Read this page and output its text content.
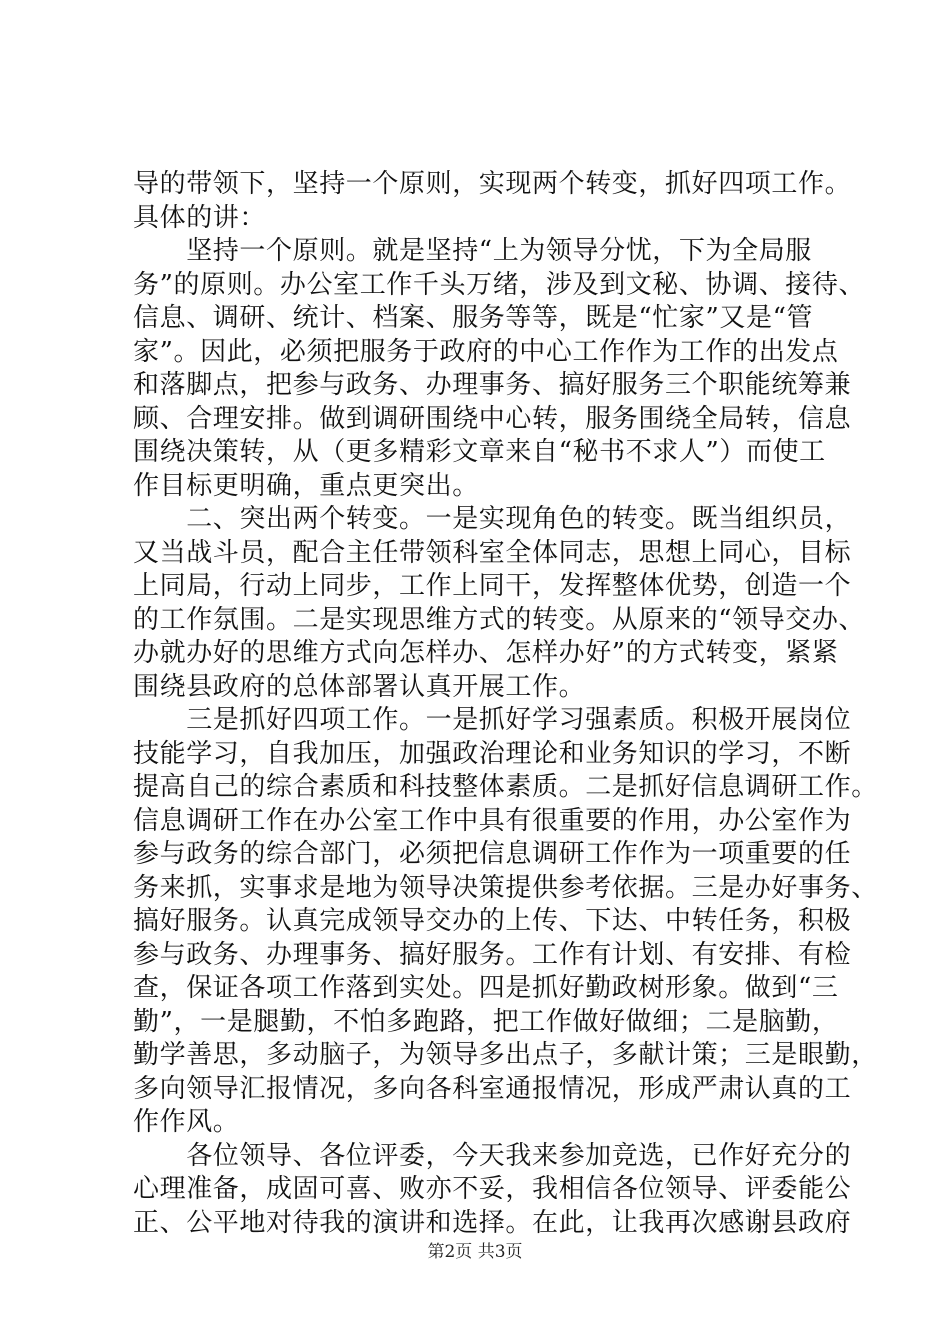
导的带领下，坚持一个原则，实现两个转变，抓好四项工作。
具体的讲：
　　坚持一个原则。就是坚持“上为领导分忧，下为全局服
务”的原则。办公室工作千头万绪，涉及到文秘、协调、接待、
信息、调研、统计、档案、服务等等，既是“忙家”又是“管
家”。因此，必须把服务于政府的中心工作作为工作的出发点
和落脚点，把参与政务、办理事务、搞好服务三个职能统筹兼
顾、合理安排。做到调研围绕中心转，服务围绕全局转，信息
围绕决策转，从（更多精彩文章来自“秘书不求人”）而使工
作目标更明确，重点更突出。
　　二、突出两个转变。一是实现角色的转变。既当组织员，
又当战斗员，配合主任带领科室全体同志，思想上同心，目标
上同局，行动上同步，工作上同干，发挥整体优势，创造一个
的工作氛围。二是实现思维方式的转变。从原来的“领导交办、
办就办好的思维方式向怎样办、怎样办好”的方式转变，紧紧
围绕县政府的总体部署认真开展工作。
　　三是抓好四项工作。一是抓好学习强素质。积极开展岗位
技能学习，自我加压，加强政治理论和业务知识的学习，不断
提高自己的综合素质和科技整体素质。二是抓好信息调研工作。
信息调研工作在办公室工作中具有很重要的作用，办公室作为
参与政务的综合部门，必须把信息调研工作作为一项重要的任
务来抓，实事求是地为领导决策提供参考依据。三是办好事务、
搞好服务。认真完成领导交办的上传、下达、中转任务，积极
参与政务、办理事务、搞好服务。工作有计划、有安排、有检
查，保证各项工作落到实处。四是抓好勤政树形象。做到“三
勤”，一是腿勤，不怕多跑路，把工作做好做细；二是脑勤，
勤学善思，多动脑子，为领导多出点子，多献计策；三是眼勤，
多向领导汇报情况，多向各科室通报情况，形成严肃认真的工
作作风。
　　各位领导、各位评委，今天我来参加竞选，已作好充分的
心理准备，成固可喜、败亦不妥，我相信各位领导、评委能公
正、公平地对待我的演讲和选择。在此，让我再次感谢县政府
第2页 共3页
